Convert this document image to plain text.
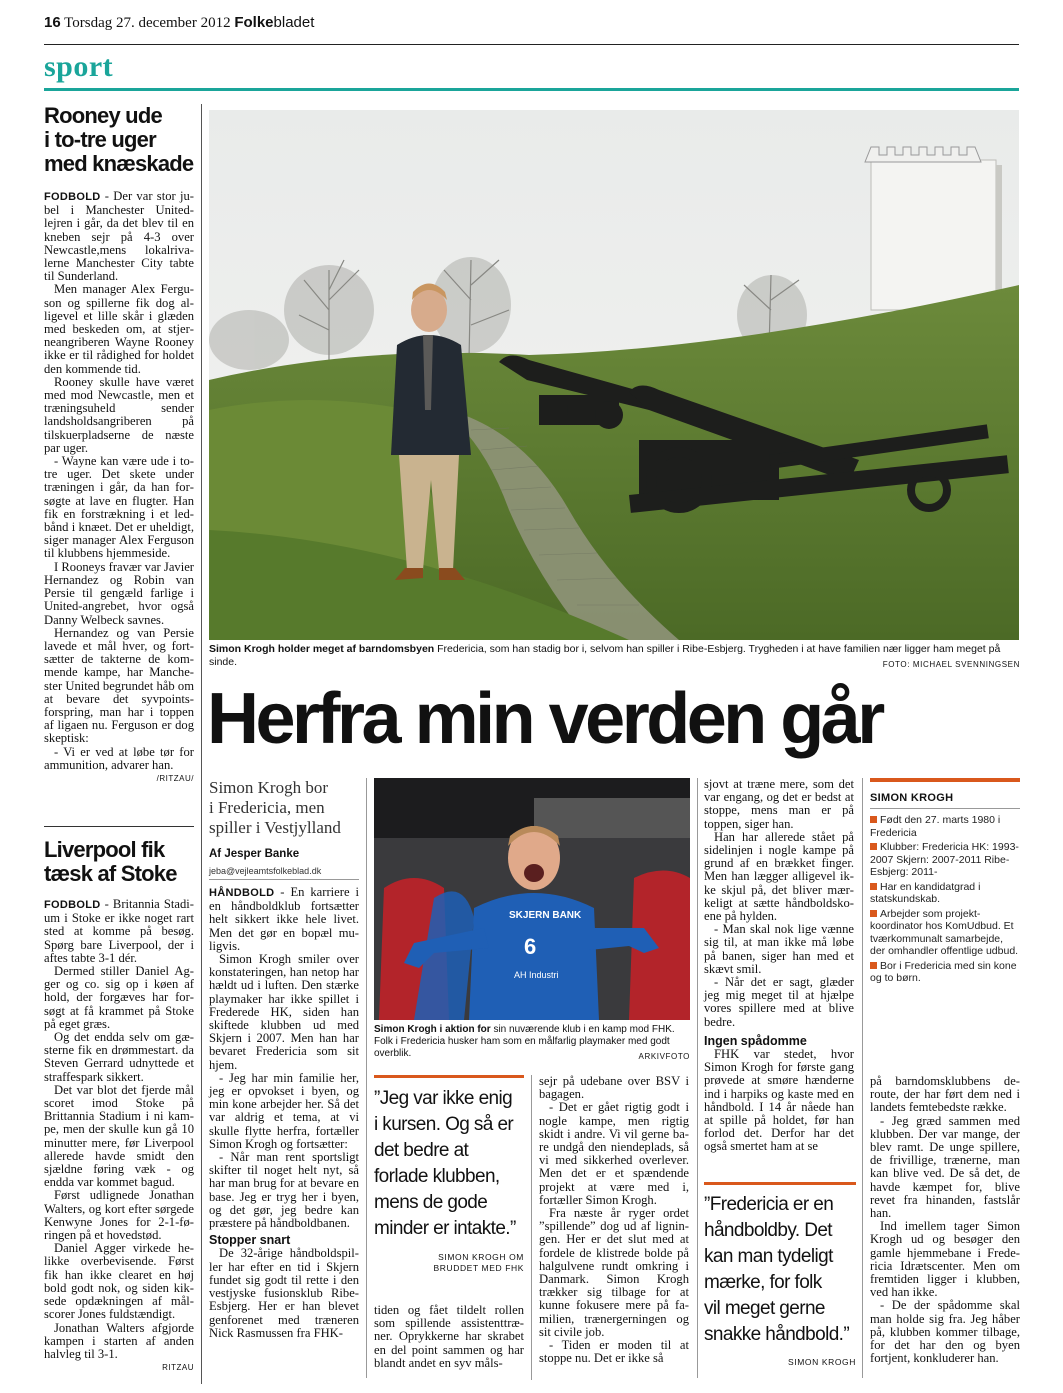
16 Torsdag 27. december 2012 Folkebladet
sport
Rooney ude
i to-tre uger
med knæskade

FODBOLD - Der var stor jubel i Manchester Unitedlejren i går, da det blev til en kneben sejr på 4-3 over Newcastle,mens lokalrivalerne Manchester City tabte til Sunderland.

Men manager Alex Ferguson og spillerne fik dog alligevel et lille skår i glæden med beskeden om, at stjerneangriberen Wayne Rooney ikke er til rådighed for holdet den kommende tid.

Rooney skulle have været med mod Newcastle, men et træningsuheld sender landsholdsangriberen på tilskuerpladserne de næste par uger.

- Wayne kan være ude i to-tre uger. Det skete under træningen i går, da han forsøgte at lave en flugter. Han fik en forstrækning i et ledbånd i knæet. Det er uheldigt, siger manager Alex Ferguson til klubbens hjemmeside.

I Rooneys fravær var Javier Hernandez og Robin van Persie til gengæld farlige i United-angrebet, hvor også Danny Welbeck savnes.

Hernandez og van Persie lavede et mål hver, og fortsætter de takterne de kommende kampe, har Manchester United begrundet håb om at bevare det syvpointsforspring, man har i toppen af ligaen nu. Ferguson er dog skeptisk:

- Vi er ved at løbe tør for ammunition, advarer han.

/RITZAU/
Liverpool fik
tæsk af Stoke

FODBOLD - Britannia Stadium i Stoke er ikke noget rart sted at komme på besøg. Spørg bare Liverpool, der i aftes tabte 3-1 dér.

Dermed stiller Daniel Agger og co. sig op i køen af hold, der forgæves har forsøgt at få krammet på Stoke på eget græs.

Og det endda selv om gæsterne fik en drømmestart. da Steven Gerrard udnyttede et straffespark sikkert.

Det var blot det fjerde mål scoret imod Stoke på Brittannia Stadium i ni kampe, men der skulle kun gå 10 minutter mere, før Liverpool allerede havde smidt den sjældne føring væk - og endda var kommet bagud.

Først udlignede Jonathan Walters, og kort efter sørgede Kenwyne Jones for 2-1-føringen på et hovedstød.

Daniel Agger virkede helikke overbevisende. Først fik han ikke clearet en høj bold godt nok, og siden kiksede opdækningen af målscorer Jones fuldstændigt.

Jonathan Walters afgjorde kampen i starten af anden halvleg til 3-1.

RITZAU
Simon Krogh holder meget af barndomsbyen Fredericia, som han stadig bor i, selvom han spiller i Ribe-Esbjerg. Trygheden i at have familien nær ligger ham meget på sinde.	FOTO: MICHAEL SVENNINGSEN
Herfra min verden går
Simon Krogh bor
i Fredericia, men
spiller i Vestjylland
Af Jesper Banke
jeba@vejleamtsfolkeblad.dk

HÅNDBOLD - En karriere i en håndboldklub fortsætter helt sikkert ikke hele livet. Men det gør en bopæl muligvis.

Simon Krogh smiler over konstateringen, han netop har hældt ud i luften. Den stærke playmaker har ikke spillet i Frederede HK, siden han skiftede klubben ud med Skjern i 2007. Men han har bevaret Fredericia som sit hjem.

- Jeg har min familie her, jeg er opvokset i byen, og min kone arbejder her. Så det var aldrig et tema, at vi skulle flytte herfra, fortæller Simon Krogh og fortsætter:

- Når man rent sportsligt skifter til noget helt nyt, så har man brug for at bevare en base. Jeg er tryg her i byen, og det gør, jeg bedre kan præstere på håndboldbanen.

Stopper snart

De 32-årige håndboldspiller har efter en tid i Skjern fundet sig godt til rette i den vestjyske fusionsklub Ribe-Esbjerg. Her er han blevet genforenet med træneren Nick Rasmussen fra FHK-

SKJERN BANK
6
AH Industri
Simon Krogh i aktion for sin nuværende klub i en kamp mod FHK. Folk i Fredericia husker ham som en målfarlig playmaker med godt overblik.	ARKIVFOTO
”Jeg var ikke enig
i kursen. Og så er
det bedre at
forlade klubben,
mens de gode
minder er intakte.”
SIMON KROGH OM
BRUDDET MED FHK
tiden og fået tildelt rollen som spillende assistenttræner. Oprykkerne har skrabet en del point sammen og har blandt andet en syv måls-

sejr på udebane over BSV i bagagen.

- Det er gået rigtig godt i nogle kampe, men rigtig skidt i andre. Vi vil gerne bare undgå den niendeplads, så vi med sikkerhed overlever. Men det er et spændende projekt at være med i, fortæller Simon Krogh.

Fra næste år ryger ordet ”spillende” dog ud af ligningen. Her er det slut med at fordele de klistrede bolde på halgulvene rundt omkring i Danmark. Simon Krogh trækker sig tilbage for at kunne fokusere mere på familien, trænergerningen og sit civile job.

- Tiden er moden til at stoppe nu. Det er ikke så

sjovt at træne mere, som det var engang, og det er bedst at stoppe, mens man er på toppen, siger han.

Han har allerede stået på sidelinjen i nogle kampe på grund af en brækket finger. Men han lægger alligevel ikke skjul på, det bliver mærkeligt at sætte håndboldskoene på hylden.

- Man skal nok lige vænne sig til, at man ikke må løbe på banen, siger han med et skævt smil.

- Når det er sagt, glæder jeg mig meget til at hjælpe vores spillere med at blive bedre.

Ingen spådomme

FHK var stedet, hvor Simon Krogh for første gang prøvede at smøre hænderne ind i harpiks og kaste med en håndbold. I 14 år nåede han at spille på holdet, før han forlod det. Derfor har det også smertet ham at se

”Fredericia er en
håndboldby. Det
kan man tydeligt
mærke, for folk
vil meget gerne
snakke håndbold.”
SIMON KROGH
SIMON KROGH
Født den 27. marts 1980 i Fredericia
Klubber: Fredericia HK: 1993-2007 Skjern: 2007-2011 Ribe-Esbjerg: 2011-
Har en kandidatgrad i statskundskab.
Arbejder som projektkoordinator hos KomUdbud. Et tværkommunalt samarbejde, der omhandler offentlige udbud.
Bor i Fredericia med sin kone og to børn.

på barndomsklubbens deroute, der har ført dem ned i landets femtebedste række.

- Jeg græd sammen med klubben. Der var mange, der blev ramt. De unge spillere, de frivillige, trænerne, man kan blive ved. De så det, de havde kæmpet for, blive revet fra hinanden, fastslår han.

Ind imellem tager Simon Krogh ud og besøger den gamle hjemmebane i Fredericia Idrætscenter. Men om fremtiden ligger i klubben, ved han ikke.

- De der spådomme skal man holde sig fra. Jeg håber på, klubben kommer tilbage, for det har den og byen fortjent, konkluderer han.
